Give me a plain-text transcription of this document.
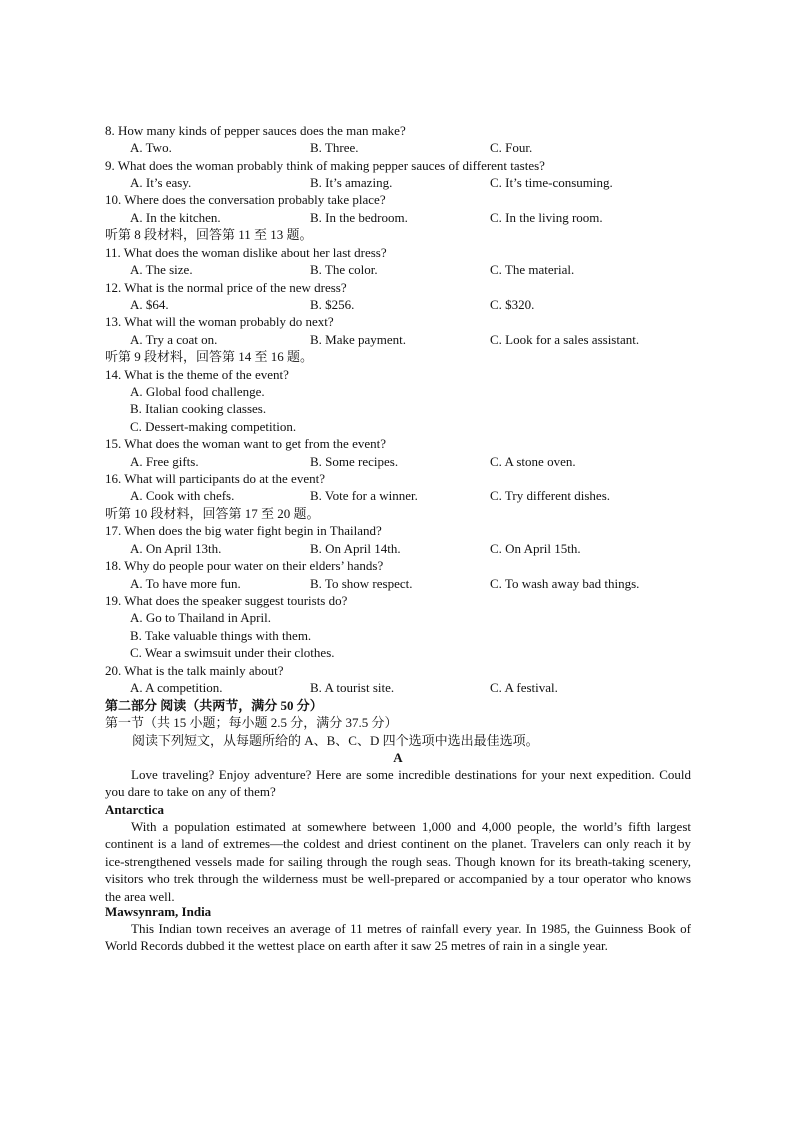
8. How many kinds of pepper sauces does the man make?
A. Two.	B. Three.	C. Four.
9. What does the woman probably think of making pepper sauces of different tastes?
A. It’s easy.	B. It’s amazing.	C. It’s time-consuming.
10. Where does the conversation probably take place?
A. In the kitchen.	B. In the bedroom.	C. In the living room.
听第 8 段材料，回答第 11 至 13 题。
11. What does the woman dislike about her last dress?
A. The size.	B. The color.	C. The material.
12. What is the normal price of the new dress?
A. $64.	B. $256.	C. $320.
13. What will the woman probably do next?
A. Try a coat on.	B. Make payment.	C. Look for a sales assistant.
听第 9 段材料，回答第 14 至 16 题。
14. What is the theme of the event?
A. Global food challenge.
B. Italian cooking classes.
C. Dessert-making competition.
15. What does the woman want to get from the event?
A. Free gifts.	B. Some recipes.	C. A stone oven.
16. What will participants do at the event?
A. Cook with chefs.	B. Vote for a winner.	C. Try different dishes.
听第 10 段材料，回答第 17 至 20 题。
17. When does the big water fight begin in Thailand?
A. On April 13th.	B. On April 14th.	C. On April 15th.
18. Why do people pour water on their elders’ hands?
A. To have more fun.	B. To show respect.	C. To wash away bad things.
19. What does the speaker suggest tourists do?
A. Go to Thailand in April.
B. Take valuable things with them.
C. Wear a swimsuit under their clothes.
20. What is the talk mainly about?
A. A competition.	B. A tourist site.	C. A festival.
第二部分 阅读（共两节，满分 50 分）
第一节（共 15 小题；每小题 2.5 分，满分 37.5 分）
阅读下列短文，从每题所给的 A、B、C、D 四个选项中选出最佳选项。
A
Love traveling? Enjoy adventure? Here are some incredible destinations for your next expedition. Could you dare to take on any of them?
Antarctica
With a population estimated at somewhere between 1,000 and 4,000 people, the world’s fifth largest continent is a land of extremes—the coldest and driest continent on the planet. Travelers can only reach it by ice-strengthened vessels made for sailing through the rough seas. Though known for its breath-taking scenery, visitors who trek through the wilderness must be well-prepared or accompanied by a tour operator who knows the area well.
Mawsynram, India
This Indian town receives an average of 11 metres of rainfall every year. In 1985, the Guinness Book of World Records dubbed it the wettest place on earth after it saw 25 metres of rain in a single year.
